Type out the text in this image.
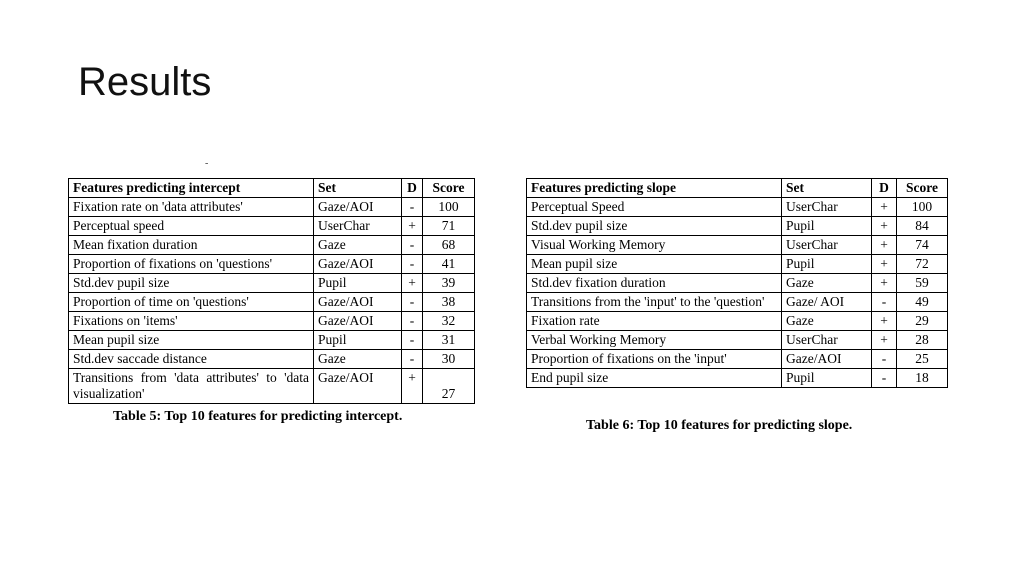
Results
-
Features predicting intercept	Set	D	Score
Fixation rate on 'data attributes'	Gaze/AOI	-	100
Perceptual speed	UserChar	+	71
Mean fixation duration	Gaze	-	68
Proportion of fixations on 'questions'	Gaze/AOI	-	41
Std.dev pupil size	Pupil	+	39
Proportion of time on 'questions'	Gaze/AOI	-	38
Fixations on 'items'	Gaze/AOI	-	32
Mean pupil size	Pupil	-	31
Std.dev saccade distance	Gaze	-	30
Transitions from 'data attributes' to 'data visualization'	Gaze/AOI	+	27
Table 5: Top 10 features for predicting intercept.
Features predicting slope	Set	D	Score
Perceptual Speed	UserChar	+	100
Std.dev pupil size	Pupil	+	84
Visual Working Memory	UserChar	+	74
Mean pupil size	Pupil	+	72
Std.dev fixation duration	Gaze	+	59
Transitions from the 'input' to the 'question'	Gaze/ AOI	-	49
Fixation rate	Gaze	+	29
Verbal Working Memory	UserChar	+	28
Proportion of fixations on the 'input'	Gaze/AOI	-	25
End pupil size	Pupil	-	18
Table 6: Top 10 features for predicting slope.
